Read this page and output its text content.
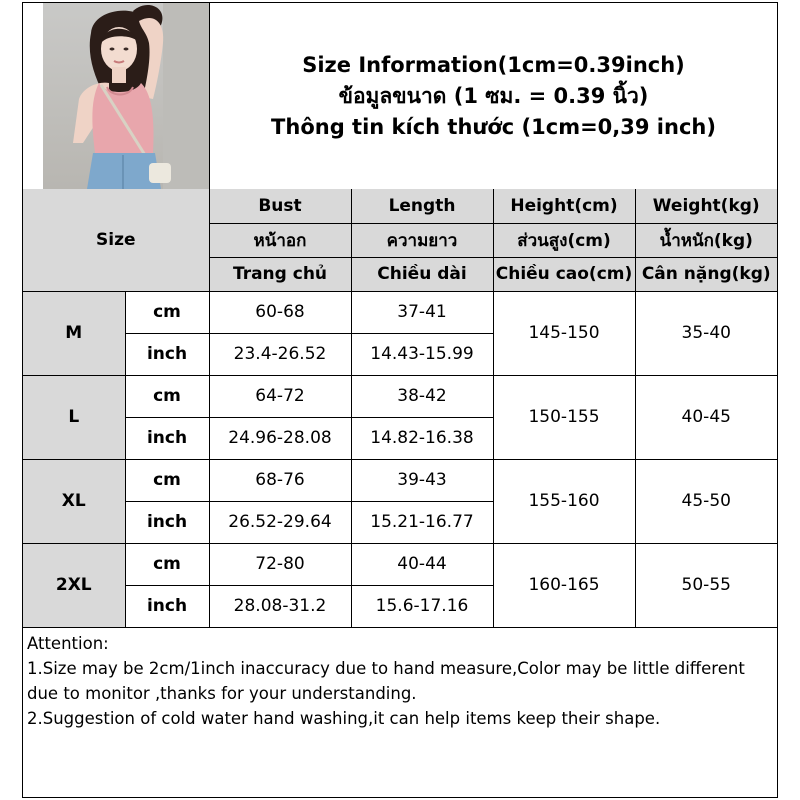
Size Information(1cm=0.39inch)
ข้อมูลขนาด (1 ซม. = 0.39 นิ้ว)
Thông tin kích thước (1cm=0,39 inch)
Size		Bust	Length	Height(cm)	Weight(kg)
		หน้าอก	ความยาว	ส่วนสูง(cm)	น้ำหนัก(kg)
		Trang chủ	Chiều dài	Chiều cao(cm)	Cân nặng(kg)
M	cm	60-68	37-41	145-150	35-40
	inch	23.4-26.52	14.43-15.99		
L	cm	64-72	38-42	150-155	40-45
	inch	24.96-28.08	14.82-16.38		
XL	cm	68-76	39-43	155-160	45-50
	inch	26.52-29.64	15.21-16.77		
2XL	cm	72-80	40-44	160-165	50-55
	inch	28.08-31.2	15.6-17.16		

Attention:

1.Size may be 2cm/1inch inaccuracy due to hand measure,Color may be little different due to monitor ,thanks for your understanding.

2.Suggestion of cold water hand washing,it can help items keep their shape.
